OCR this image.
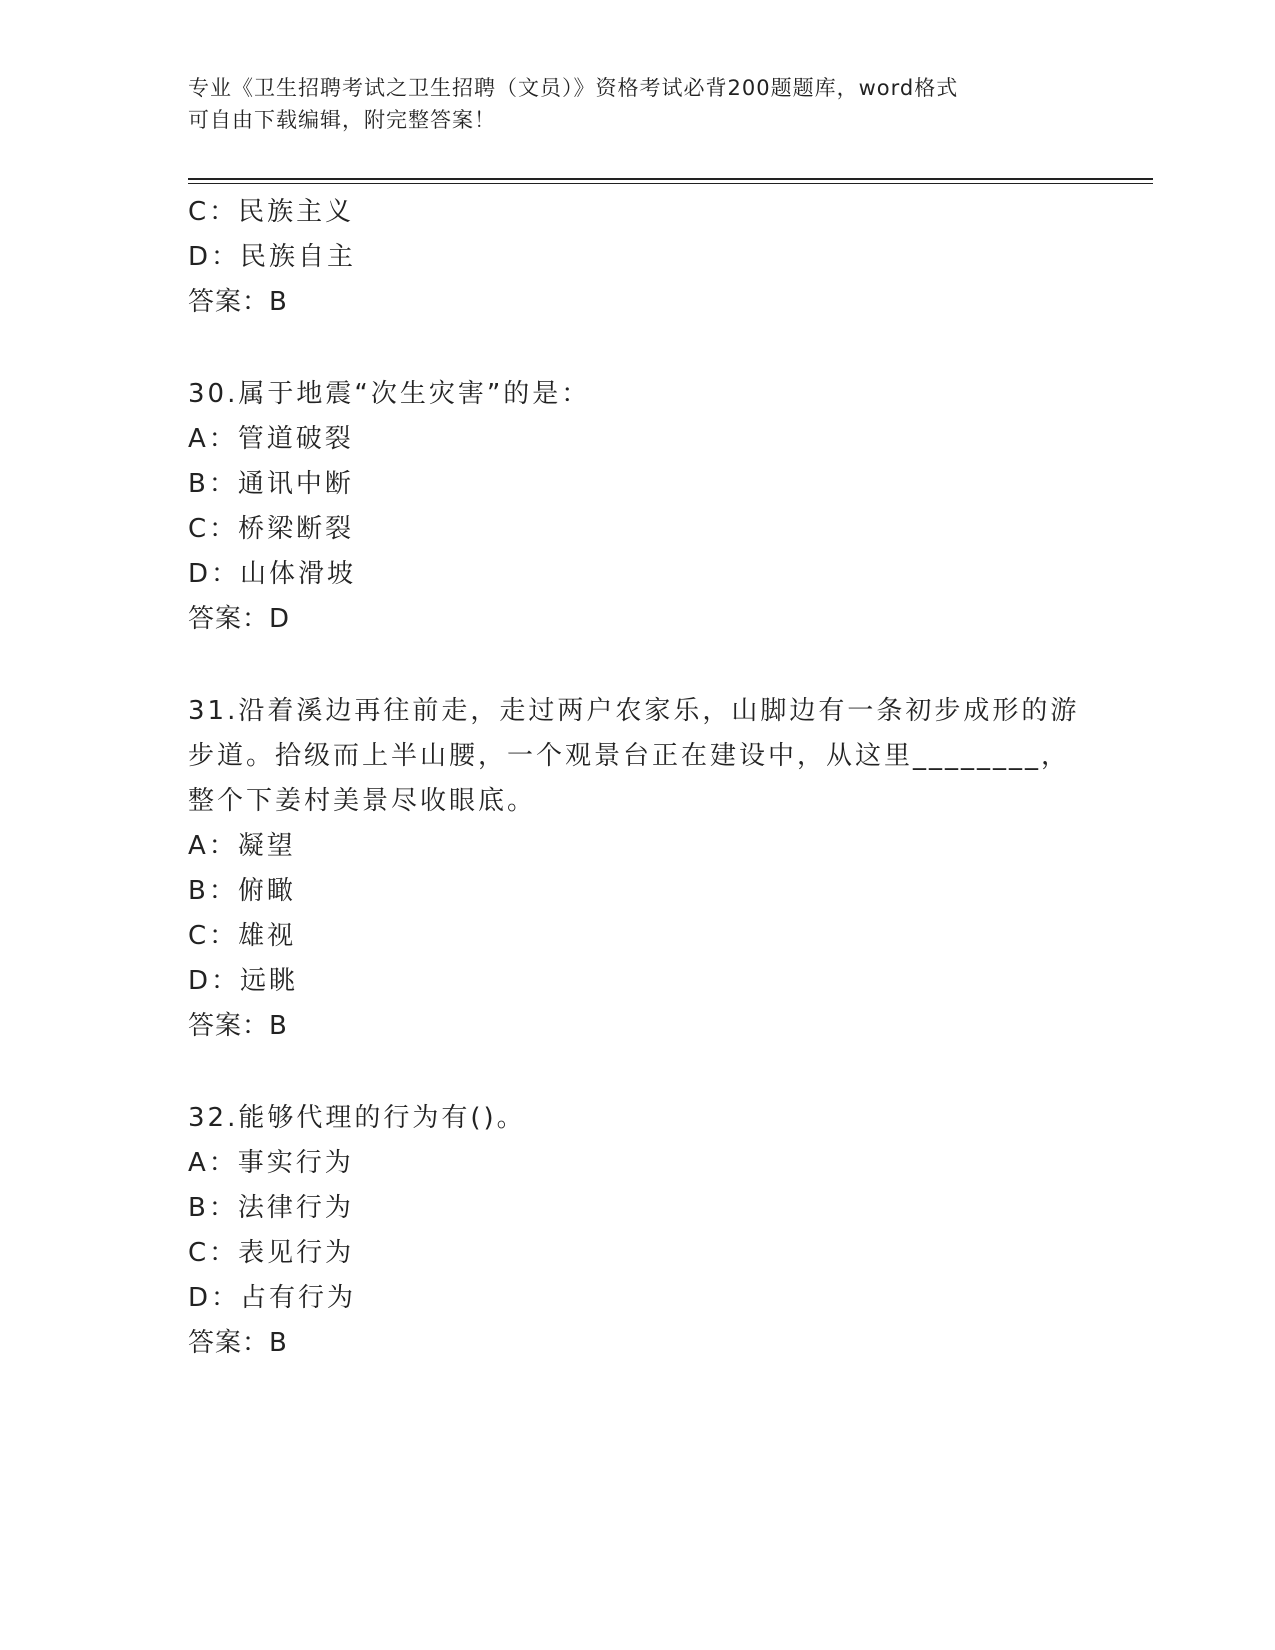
专业《卫生招聘考试之卫生招聘（文员）》资格考试必背200题题库，word格式
可自由下载编辑，附完整答案！
C：民族主义
D：民族自主
答案：B
30.属于地震“次生灾害”的是：
A：管道破裂
B：通讯中断
C：桥梁断裂
D：山体滑坡
答案：D
31.沿着溪边再往前走，走过两户农家乐，山脚边有一条初步成形的游
步道。拾级而上半山腰，一个观景台正在建设中，从这里________，
整个下姜村美景尽收眼底。
A：凝望
B：俯瞰
C：雄视
D：远眺
答案：B
32.能够代理的行为有()。
A：事实行为
B：法律行为
C：表见行为
D：占有行为
答案：B
